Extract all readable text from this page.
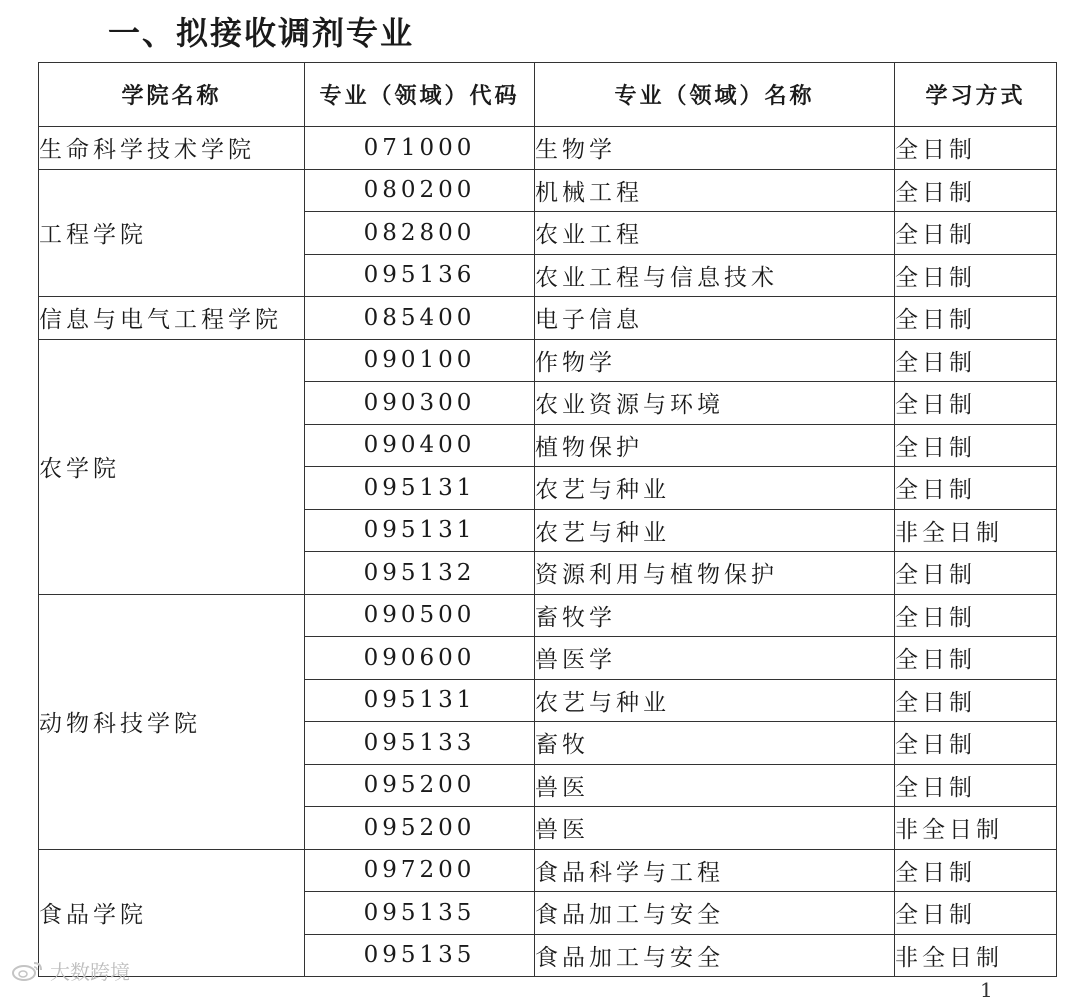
一、拟接收调剂专业
学院名称	专业（领域）代码	专业（领域）名称	学习方式
生命科学技术学院	071000	生物学	全日制
工程学院	080200	机械工程	全日制
	082800	农业工程	全日制
	095136	农业工程与信息技术	全日制
信息与电气工程学院	085400	电子信息	全日制
农学院	090100	作物学	全日制
	090300	农业资源与环境	全日制
	090400	植物保护	全日制
	095131	农艺与种业	全日制
	095131	农艺与种业	非全日制
	095132	资源利用与植物保护	全日制
动物科技学院	090500	畜牧学	全日制
	090600	兽医学	全日制
	095131	农艺与种业	全日制
	095133	畜牧	全日制
	095200	兽医	全日制
	095200	兽医	非全日制
食品学院	097200	食品科学与工程	全日制
	095135	食品加工与安全	全日制
	095135	食品加工与安全	非全日制
大数跨境
1
